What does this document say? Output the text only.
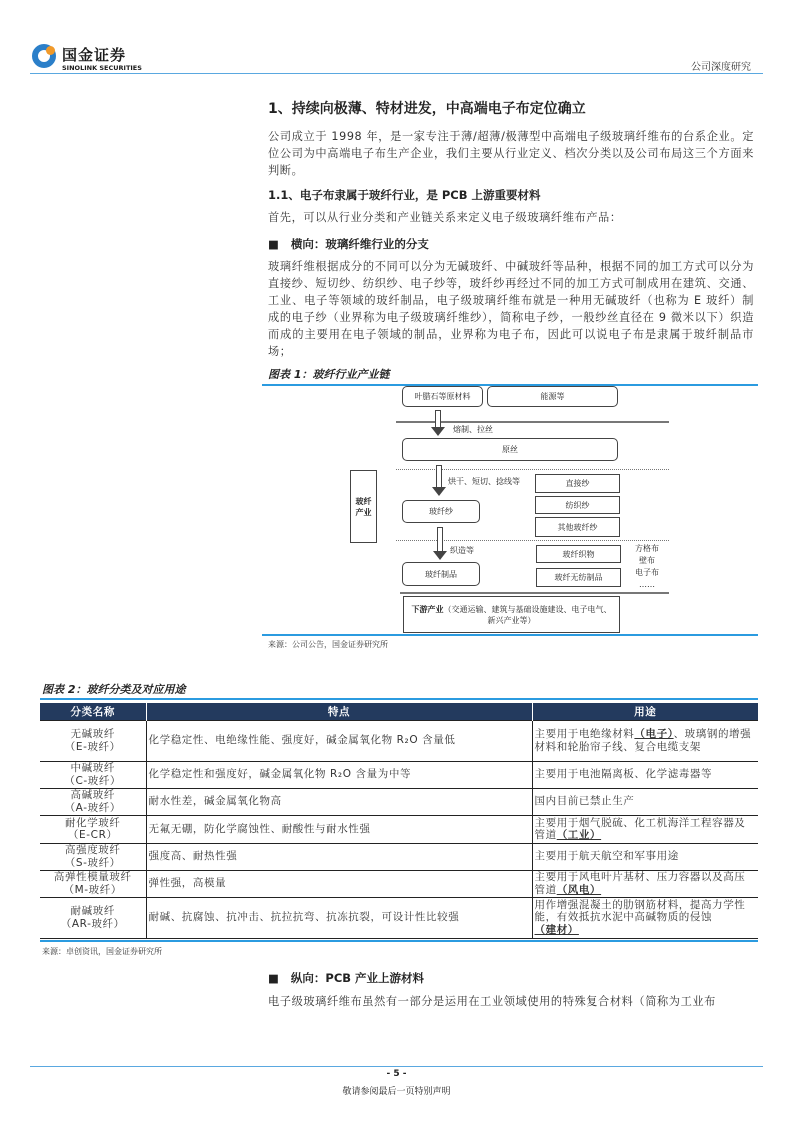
国金证券
SINOLINK SECURITIES	公司深度研究
1、持续向极薄、特材进发，中高端电子布定位确立
公司成立于 1998 年，是一家专注于薄/超薄/极薄型中高端电子级玻璃纤维布的台系企业。定位公司为中高端电子布生产企业，我们主要从行业定义、档次分类以及公司布局这三个方面来判断。
1.1、电子布隶属于玻纤行业，是 PCB 上游重要材料
首先，可以从行业分类和产业链关系来定义电子级玻璃纤维布产品：
■   横向：玻璃纤维行业的分支
玻璃纤维根据成分的不同可以分为无碱玻纤、中碱玻纤等品种，根据不同的加工方式可以分为直接纱、短切纱、纺织纱、电子纱等，玻纤纱再经过不同的加工方式可制成用在建筑、交通、工业、电子等领域的玻纤制品，电子级玻璃纤维布就是一种用无碱玻纤（也称为 E 玻纤）制成的电子纱（业界称为电子级玻璃纤维纱），简称电子纱，一般纱丝直径在 9 微米以下）织造而成的主要用在电子领域的制品，业界称为电子布，因此可以说电子布是隶属于玻纤制品市场；
图表 1：玻纤行业产业链
叶腊石等原材料	能源等
熔制、拉丝
原丝
玻纤产业
烘干、短切、捻线等	直接纱
纺织纱
其他玻纤纱
玻纤纱
织造等	玻纤织物
玻纤无纺制品
方格布
壁布
电子布
……
玻纤制品
下游产业（交通运输、建筑与基础设施建设、电子电气、新兴产业等）
来源：公司公告，国金证券研究所
图表 2：玻纤分类及对应用途
分类名称	特点	用途

无碱玻纤
（E-玻纤）	化学稳定性、电绝缘性能、强度好，碱金属氧化物 R₂O 含量低	主要用于电绝缘材料（电子）、玻璃钢的增强材料和轮胎帘子线、复合电缆支架

中碱玻纤
（C-玻纤）	化学稳定性和强度好，碱金属氧化物 R₂O 含量为中等	主要用于电池隔离板、化学滤毒器等

高碱玻纤
（A-玻纤）	耐水性差，碱金属氧化物高	国内目前已禁止生产

耐化学玻纤
（E-CR）	无氟无硼，防化学腐蚀性、耐酸性与耐水性强	主要用于烟气脱硫、化工机海洋工程容器及管道（工业）

高强度玻纤
（S-玻纤）	强度高、耐热性强	主要用于航天航空和军事用途

高弹性模量玻纤
（M-玻纤）	弹性强，高模量	主要用于风电叶片基材、压力容器以及高压管道（风电）

耐碱玻纤
（AR-玻纤）	耐碱、抗腐蚀、抗冲击、抗拉抗弯、抗冻抗裂，可设计性比较强	用作增强混凝土的肋钢筋材料，提高力学性能，有效抵抗水泥中高碱物质的侵蚀（建材）
来源：卓创资讯，国金证券研究所
■   纵向：PCB 产业上游材料
电子级玻璃纤维布虽然有一部分是运用在工业领域使用的特殊复合材料（简称为工业布
- 5 -
敬请参阅最后一页特别声明
